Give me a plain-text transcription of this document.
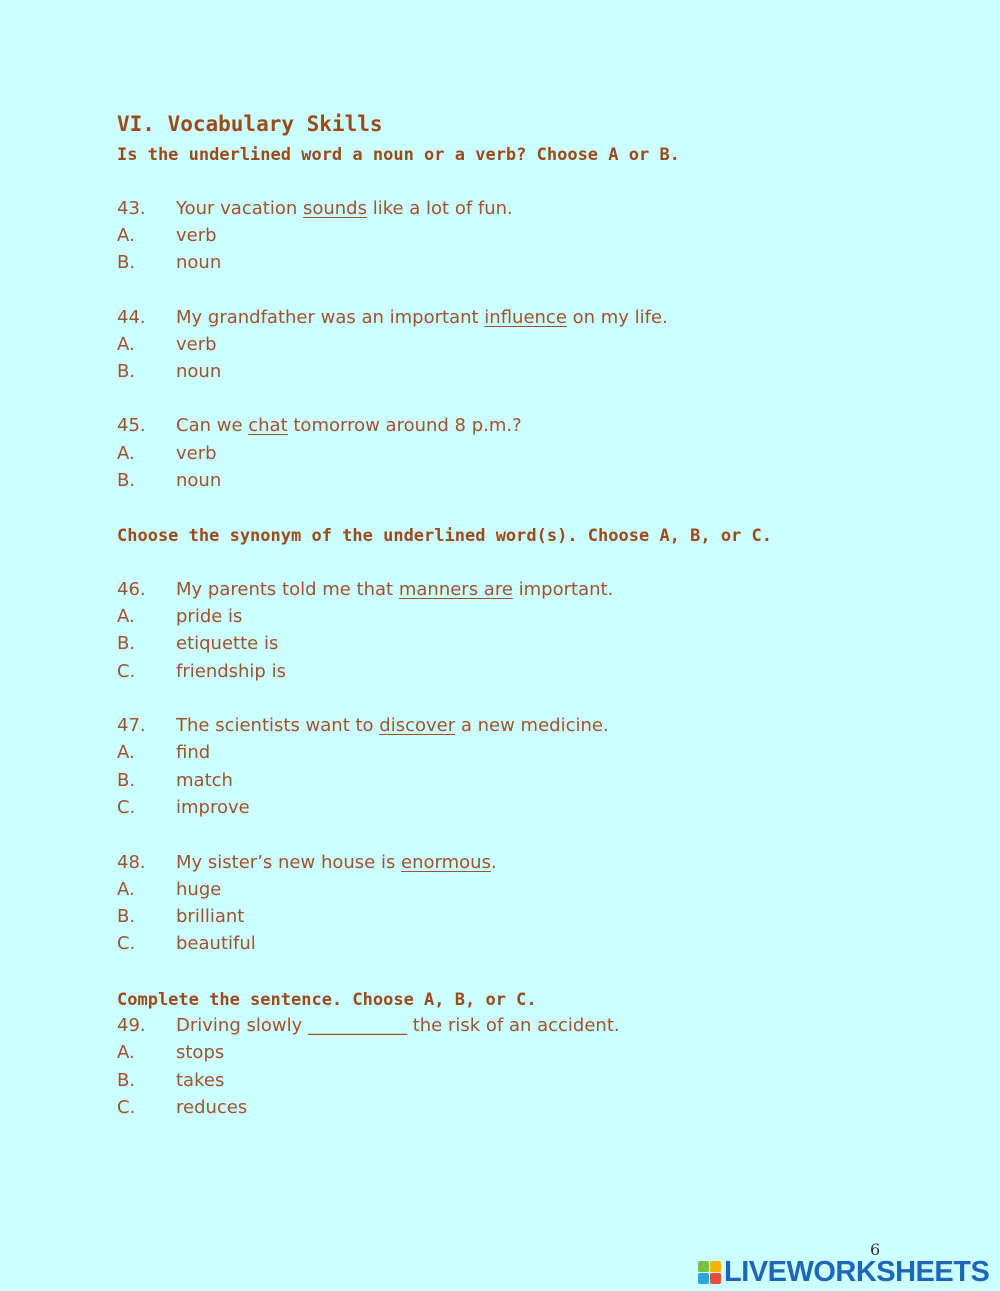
VI. Vocabulary Skills
Is the underlined word a noun or a verb? Choose A or B.
43. Your vacation sounds like a lot of fun.
A. verb
B. noun
44. My grandfather was an important influence on my life.
A. verb
B. noun
45. Can we chat tomorrow around 8 p.m.?
A. verb
B. noun
Choose the synonym of the underlined word(s). Choose A, B, or C.
46. My parents told me that manners are important.
A. pride is
B. etiquette is
C. friendship is
47. The scientists want to discover a new medicine.
A. find
B. match
C. improve
48. My sister’s new house is enormous.
A. huge
B. brilliant
C. beautiful
Complete the sentence. Choose A, B, or C.
49. Driving slowly ___________ the risk of an accident.
A. stops
B. takes
C. reduces
6
LIVEWORKSHEETS
